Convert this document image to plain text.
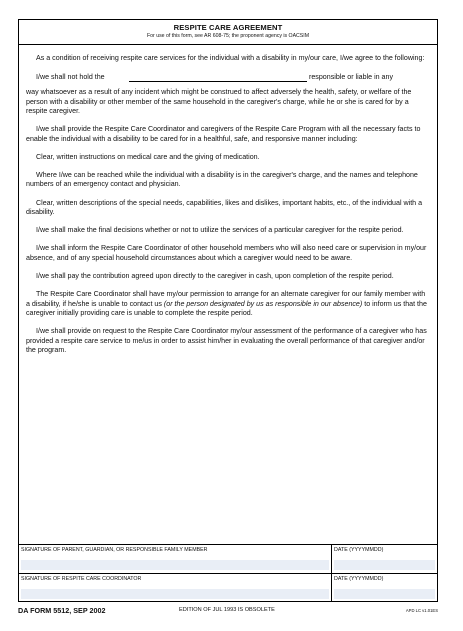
RESPITE CARE AGREEMENT
For use of this form, see AR 608-75; the proponent agency is OACSIM

As a condition of receiving respite care services for the individual with a disability in my/our care, I/we agree to the following:

I/we shall not hold the	responsible or liable in any

way whatsoever as a result of any incident which might be construed to affect adversely the health, safety, or welfare of the person with a disability or other member of the same household in the caregiver's charge, while he or she is cared for by a respite caregiver.

I/we shall provide the Respite Care Coordinator and caregivers of the Respite Care Program with all the necessary facts to enable the individual with a disability to be cared for in a healthful, safe, and responsive manner including:

Clear, written instructions on medical care and the giving of medication.

Where I/we can be reached while the individual with a disability is in the caregiver's charge, and the names and telephone numbers of an emergency contact and physician.

Clear, written descriptions of the special needs, capabilities, likes and dislikes, important habits, etc., of the individual with a disability.

I/we shall make the final decisions whether or not to utilize the services of a particular caregiver for the respite period.

I/we shall inform the Respite Care Coordinator of other household members who will also need care or supervision in my/our absence, and of any special household circumstances about which a caregiver would need to be aware.

I/we shall pay the contribution agreed upon directly to the caregiver in cash, upon completion of the respite period.

The Respite Care Coordinator shall have my/our permission to arrange for an alternate caregiver for our family member with a disability, if he/she is unable to contact us (or the person designated by us as responsible in our absence) to inform us that the caregiver initially providing care is unable to complete the respite period.

I/we shall provide on request to the Respite Care Coordinator my/our assessment of the performance of a caregiver who has provided a respite care service to me/us in order to assist him/her in evaluating the overall performance of that caregiver and/or the program.

SIGNATURE OF PARENT, GUARDIAN, OR RESPONSIBLE FAMILY MEMBER	DATE (YYYYMMDD)
SIGNATURE OF RESPITE CARE COORDINATOR	DATE (YYYYMMDD)
DA FORM 5512, SEP 2002	EDITION OF JUL 1993 IS OBSOLETE	APD LC v1.01ES
